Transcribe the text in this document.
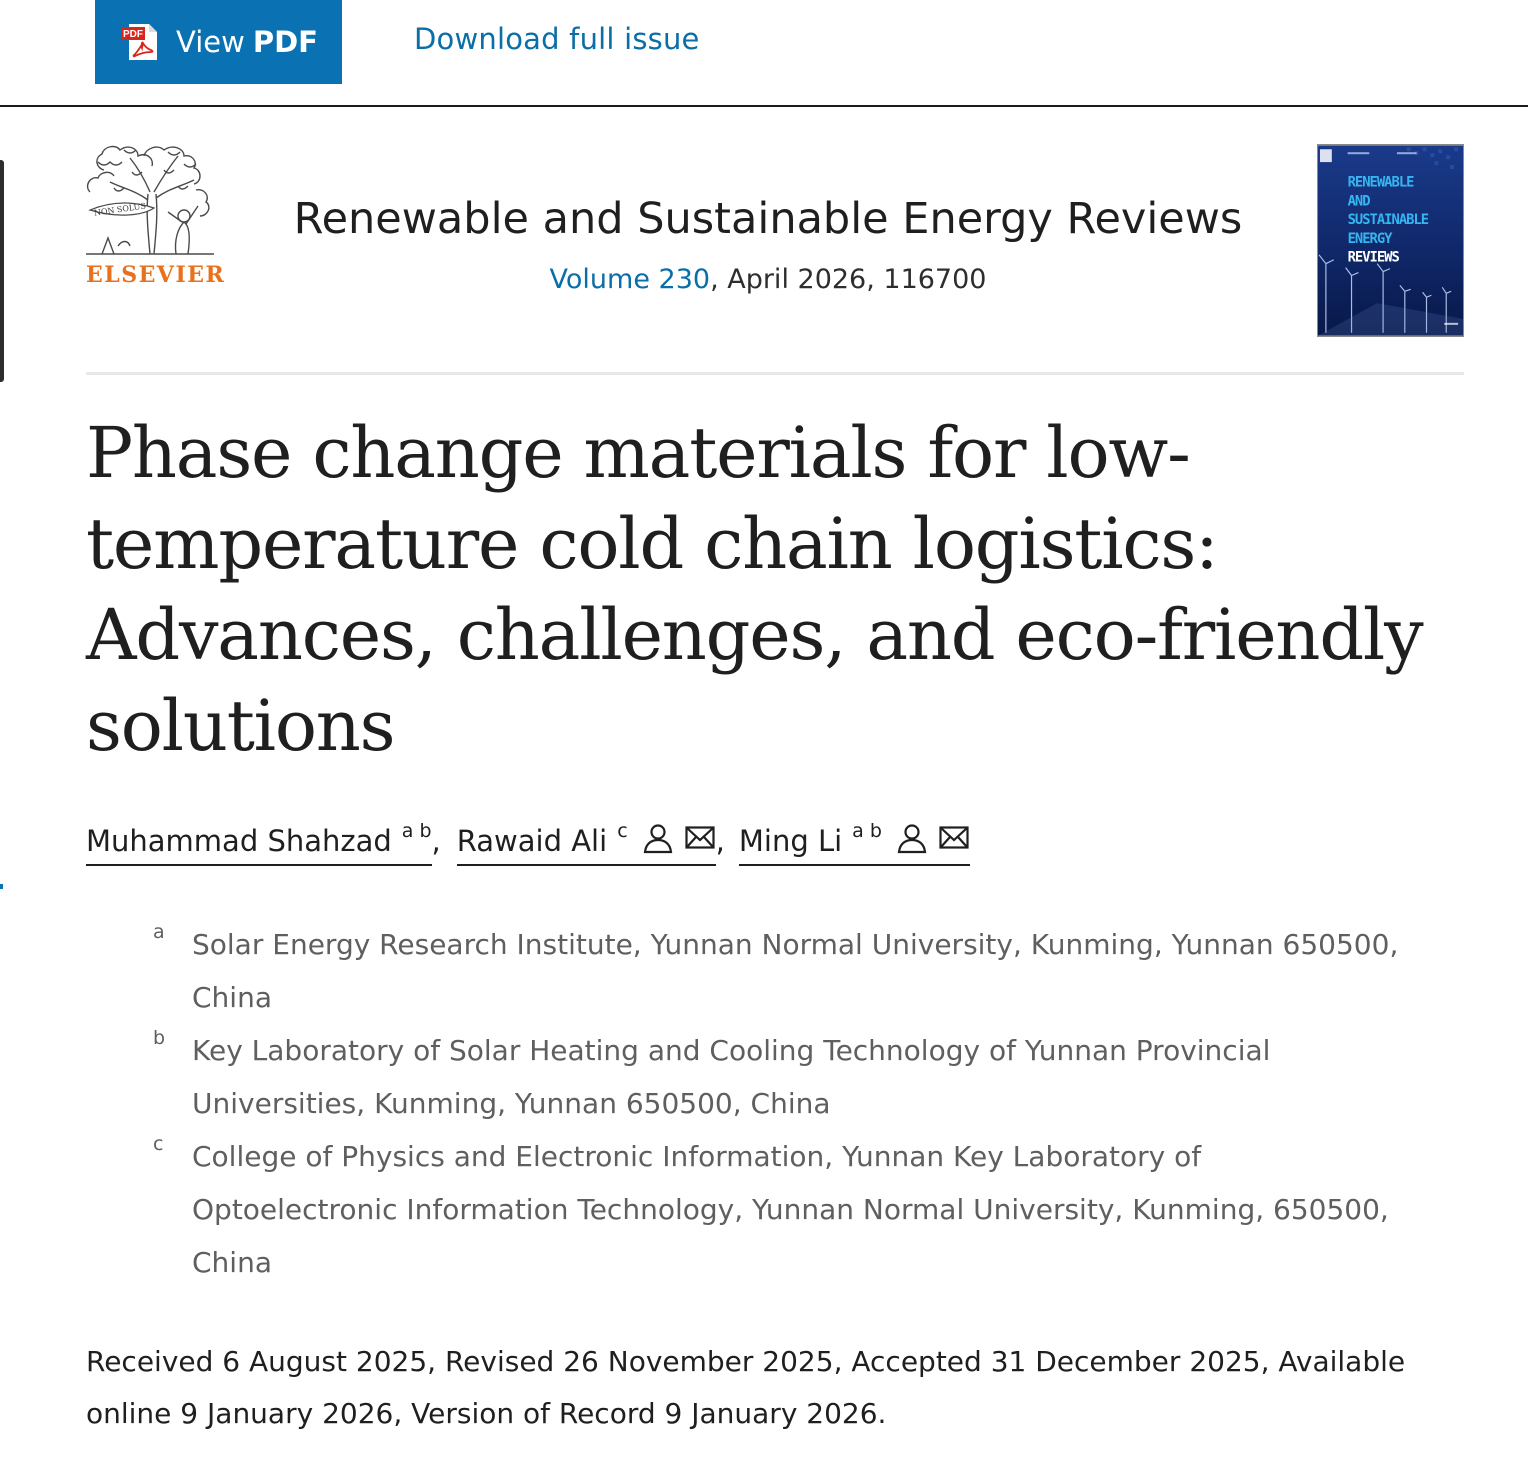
PDF View PDF	Download full issue
NON SOLUS
ELSEVIER
Renewable and Sustainable Energy Reviews
Volume 230, April 2026, 116700
RENEWABLE
AND
SUSTAINABLE
ENERGY
REVIEWS
Phase change materials for low-
temperature cold chain logistics:
Advances, challenges, and eco-friendly
solutions
Muhammad Shahzad $^{a b}$ , Rawaid Ali $^c$	, Ming Li $^{a b}$
a Solar Energy Research Institute, Yunnan Normal University, Kunming, Yunnan 650500,
China
b Key Laboratory of Solar Heating and Cooling Technology of Yunnan Provincial
Universities, Kunming, Yunnan 650500, China
c College of Physics and Electronic Information, Yunnan Key Laboratory of
Optoelectronic Information Technology, Yunnan Normal University, Kunming, 650500,
China
Received 6 August 2025, Revised 26 November 2025, Accepted 31 December 2025, Available
online 9 January 2026, Version of Record 9 January 2026.
